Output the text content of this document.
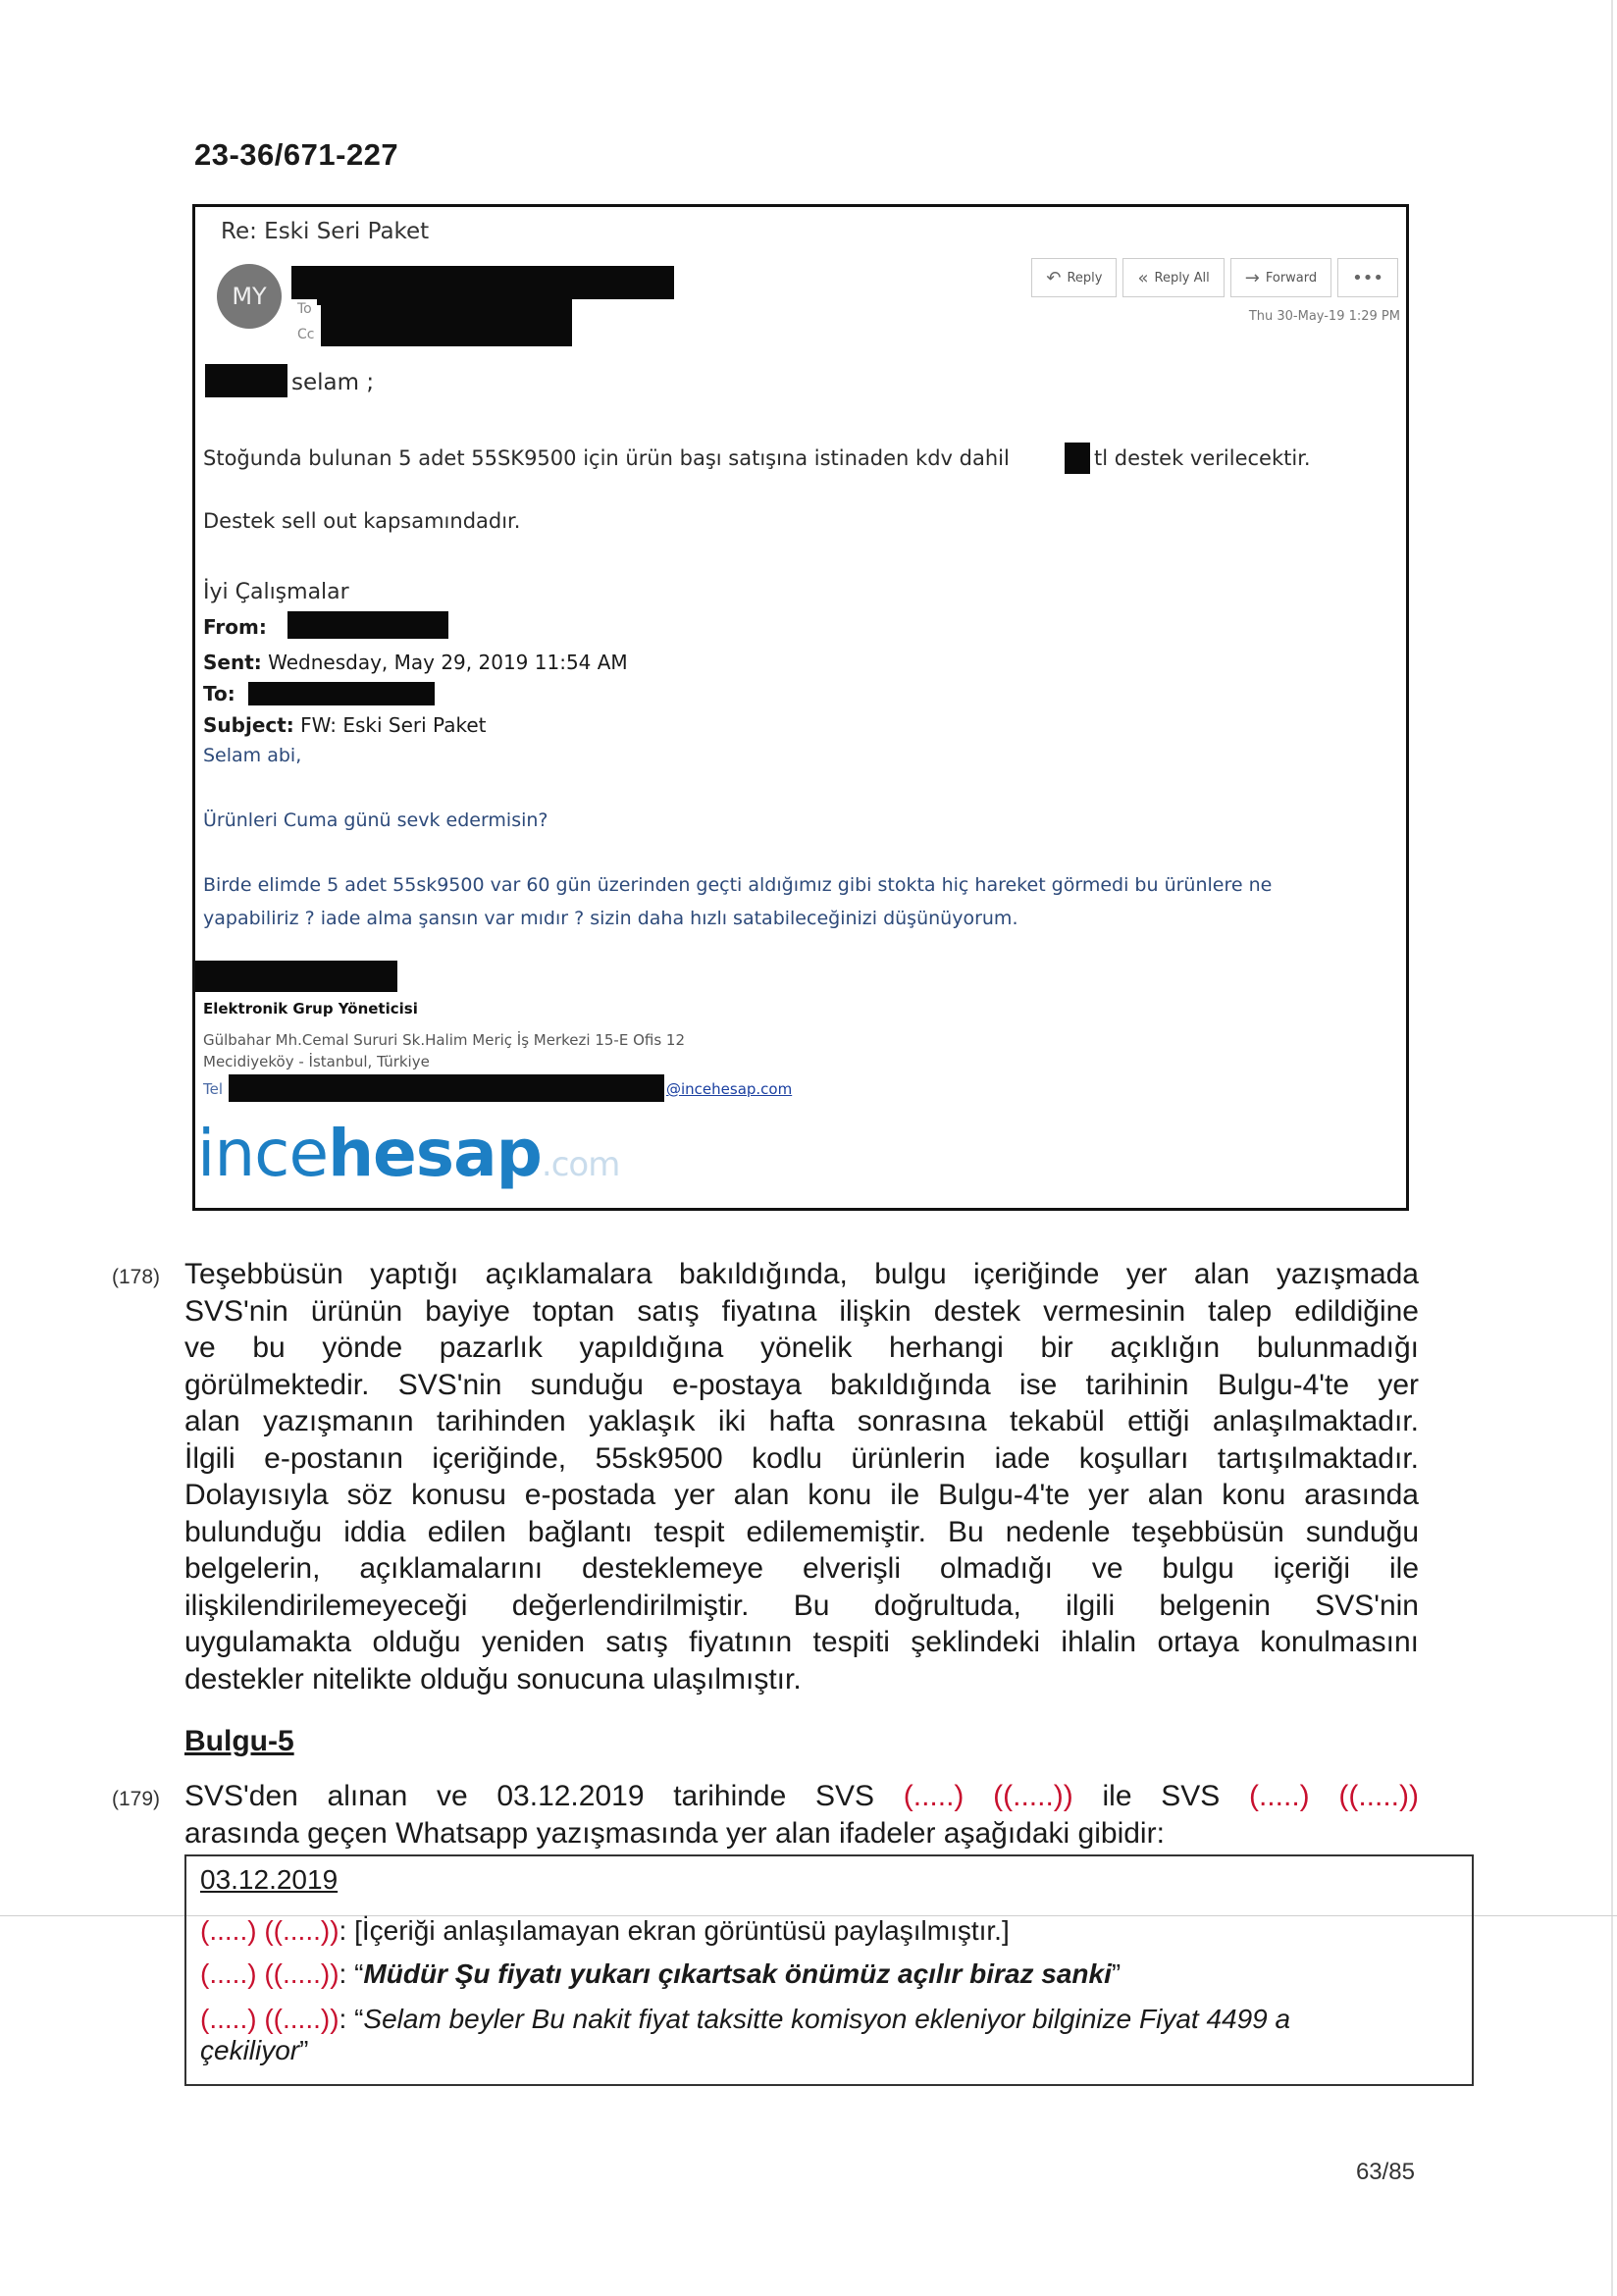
23-36/671-227
Re: Eski Seri Paket
MY	To
Cc
↶ Reply « Reply All → Forward •••
Thu 30-May-19 1:29 PM
selam ;
Stoğunda bulunan 5 adet 55SK9500 için ürün başı satışına istinaden kdv dahil	tl destek verilecektir.
Destek sell out kapsamındadır.
İyi Çalışmalar
From:
Sent: Wednesday, May 29, 2019 11:54 AM
To:
Subject: FW: Eski Seri Paket
Selam abi,
Ürünleri Cuma günü sevk edermisin?
Birde elimde 5 adet 55sk9500 var 60 gün üzerinden geçti aldığımız gibi stokta hiç hareket görmedi bu ürünlere ne
yapabiliriz ? iade alma şansın var mıdır ? sizin daha hızlı satabileceğinizi düşünüyorum.
Elektronik Grup Yöneticisi
Gülbahar Mh.Cemal Sururi Sk.Halim Meriç İş Merkezi 15-E Ofis 12
Mecidiyeköy - İstanbul, Türkiye
Tel	@incehesap.com
incehesap.com
(178) Teşebbüsün yaptığı açıklamalara bakıldığında, bulgu içeriğinde yer alan yazışmada
SVS'nin ürünün bayiye toptan satış fiyatına ilişkin destek vermesinin talep edildiğine
ve bu yönde pazarlık yapıldığına yönelik herhangi bir açıklığın bulunmadığı
görülmektedir. SVS'nin sunduğu e-postaya bakıldığında ise tarihinin Bulgu-4'te yer
alan yazışmanın tarihinden yaklaşık iki hafta sonrasına tekabül ettiği anlaşılmaktadır.
İlgili e-postanın içeriğinde, 55sk9500 kodlu ürünlerin iade koşulları tartışılmaktadır.
Dolayısıyla söz konusu e-postada yer alan konu ile Bulgu-4'te yer alan konu arasında
bulunduğu iddia edilen bağlantı tespit edilememiştir. Bu nedenle teşebbüsün sunduğu
belgelerin, açıklamalarını desteklemeye elverişli olmadığı ve bulgu içeriği ile
ilişkilendirilemeyeceği değerlendirilmiştir. Bu doğrultuda, ilgili belgenin SVS'nin
uygulamakta olduğu yeniden satış fiyatının tespiti şeklindeki ihlalin ortaya konulmasını
destekler nitelikte olduğu sonucuna ulaşılmıştır.
Bulgu-5
(179) SVS'den alınan ve 03.12.2019 tarihinde SVS (.....) ((.....)) ile SVS (.....) ((.....))
arasında geçen Whatsapp yazışmasında yer alan ifadeler aşağıdaki gibidir:
03.12.2019
(.....) ((.....)): [İçeriği anlaşılamayan ekran görüntüsü paylaşılmıştır.]
(.....) ((.....)): “Müdür Şu fiyatı yukarı çıkartsak önümüz açılır biraz sanki”
(.....) ((.....)): “Selam beyler Bu nakit fiyat taksitte komisyon ekleniyor bilginize Fiyat 4499 a
çekiliyor”
63/85
